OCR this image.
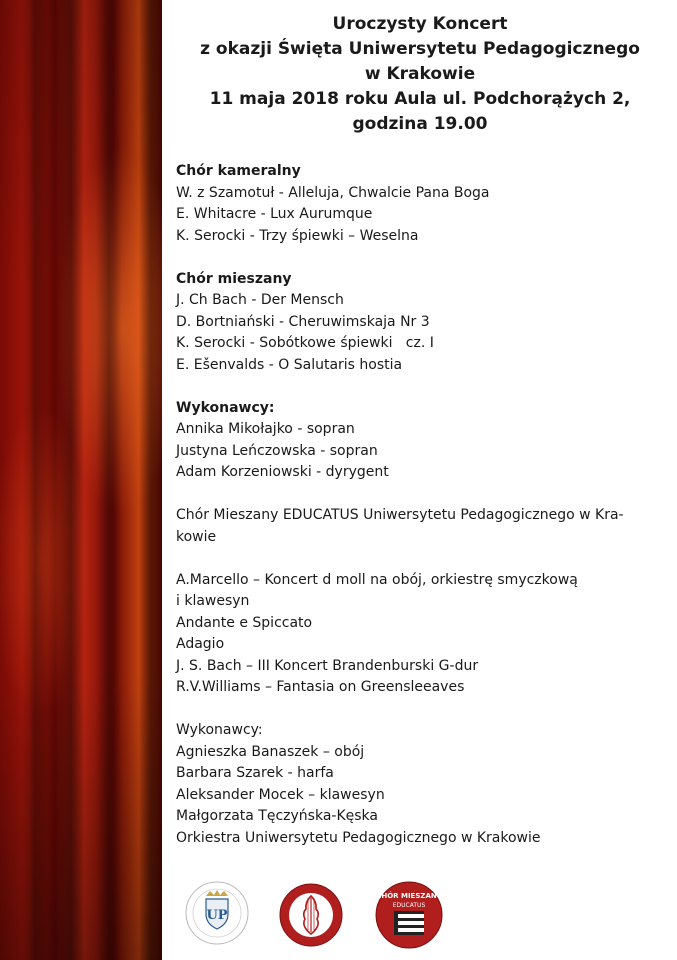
Uroczysty Koncert
z okazji Święta Uniwersytetu Pedagogicznego
w Krakowie
11 maja 2018 roku Aula ul. Podchorążych 2,
godzina 19.00
Chór kameralny
W. z Szamotuł - Alleluja, Chwalcie Pana Boga
E. Whitacre - Lux Aurumque
K. Serocki - Trzy śpiewki – Weselna
Chór mieszany
J. Ch Bach - Der Mensch
D. Bortniański - Cheruwimskaja Nr 3
K. Serocki - Sobótkowe śpiewki   cz. I
E. Ešenvalds - O Salutaris hostia
Wykonawcy:
Annika Mikołajko - sopran
Justyna Leńczowska - sopran
Adam Korzeniowski - dyrygent
Chór Mieszany EDUCATUS Uniwersytetu Pedagogicznego w Kra-
kowie
A.Marcello – Koncert d moll na obój, orkiestrę smyczkową
i klawesyn
Andante e Spiccato
Adagio
J. S. Bach – III Koncert Brandenburski G-dur
R.V.Williams – Fantasia on Greensleeaves
Wykonawcy:
Agnieszka Banaszek – obój
Barbara Szarek - harfa
Aleksander Mocek – klawesyn
Małgorzata Tęczyńska-Kęska
Orkiestra Uniwersytetu Pedagogicznego w Krakowie
UP
CHÓR MIESZANY
EDUCATUS
